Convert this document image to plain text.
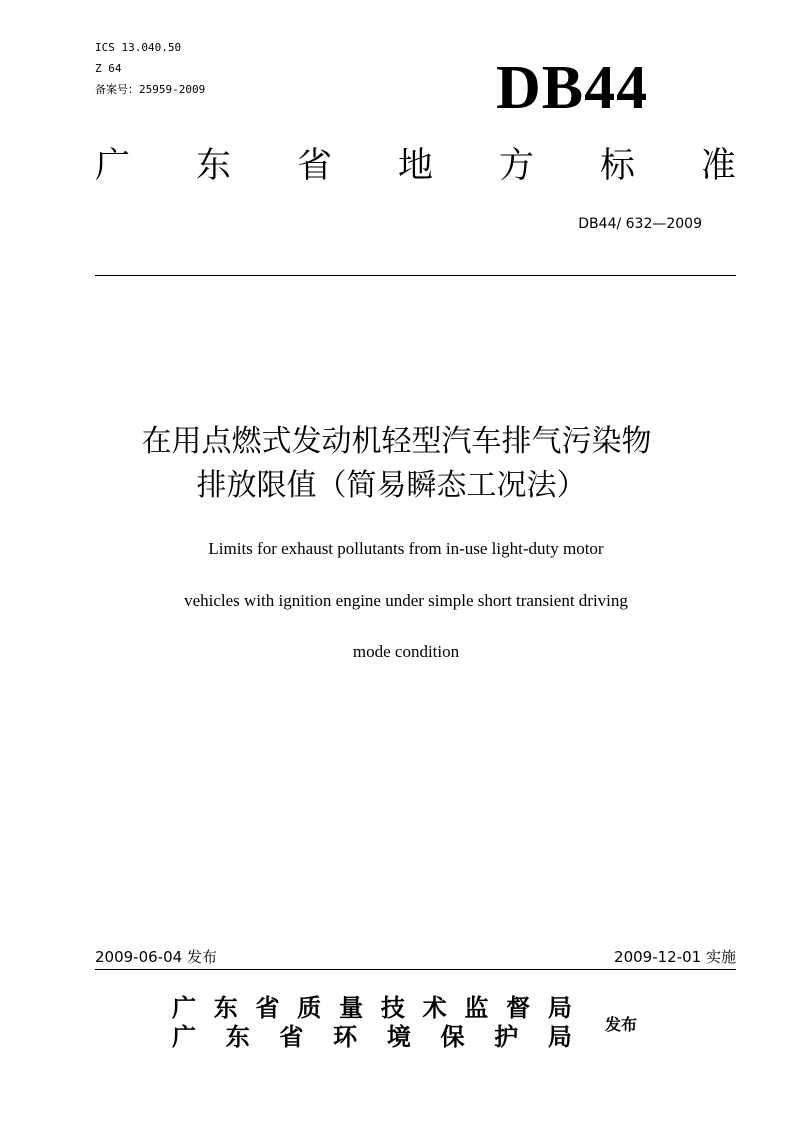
ICS 13.040.50
Z 64
备案号：25959-2009	DB44
广 东 省 地 方 标 准
DB44/ 632—2009
在用点燃式发动机轻型汽车排气污染物
排放限值（简易瞬态工况法）
Limits for exhaust pollutants from in-use light-duty motor
vehicles with ignition engine under simple short transient driving
mode condition
2009-06-04 发布	2009-12-01 实施
广 东 省 质 量 技 术 监 督 局
广 东 省 环 境 保 护 局 发布
